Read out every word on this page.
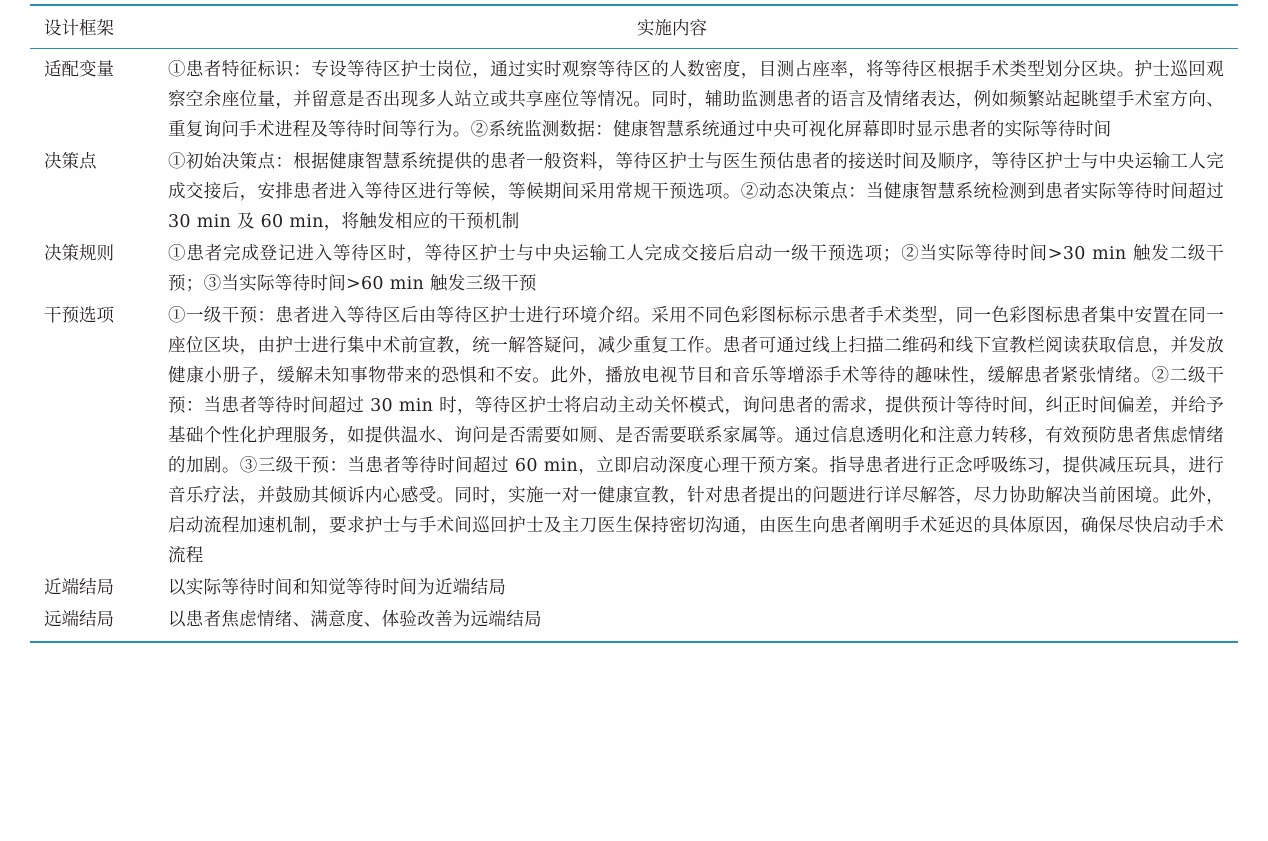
设计框架	实施内容
适配变量	①患者特征标识：专设等待区护士岗位，通过实时观察等待区的人数密度，目测占座率，将等待区根据手术类型划分区块。护士巡回观察空余座位量，并留意是否出现多人站立或共享座位等情况。同时，辅助监测患者的语言及情绪表达，例如频繁站起眺望手术室方向、重复询问手术进程及等待时间等行为。②系统监测数据：健康智慧系统通过中央可视化屏幕即时显示患者的实际等待时间
决策点	①初始决策点：根据健康智慧系统提供的患者一般资料，等待区护士与医生预估患者的接送时间及顺序，等待区护士与中央运输工人完成交接后，安排患者进入等待区进行等候，等候期间采用常规干预选项。②动态决策点：当健康智慧系统检测到患者实际等待时间超过 30 min 及 60 min，将触发相应的干预机制
决策规则	①患者完成登记进入等待区时，等待区护士与中央运输工人完成交接后启动一级干预选项；②当实际等待时间>30 min 触发二级干预；③当实际等待时间>60 min 触发三级干预
干预选项	①一级干预：患者进入等待区后由等待区护士进行环境介绍。采用不同色彩图标标示患者手术类型，同一色彩图标患者集中安置在同一座位区块，由护士进行集中术前宣教，统一解答疑问，减少重复工作。患者可通过线上扫描二维码和线下宣教栏阅读获取信息，并发放健康小册子，缓解未知事物带来的恐惧和不安。此外，播放电视节目和音乐等增添手术等待的趣味性，缓解患者紧张情绪。②二级干预：当患者等待时间超过 30 min 时，等待区护士将启动主动关怀模式，询问患者的需求，提供预计等待时间，纠正时间偏差，并给予基础个性化护理服务，如提供温水、询问是否需要如厕、是否需要联系家属等。通过信息透明化和注意力转移，有效预防患者焦虑情绪的加剧。③三级干预：当患者等待时间超过 60 min，立即启动深度心理干预方案。指导患者进行正念呼吸练习，提供减压玩具，进行音乐疗法，并鼓励其倾诉内心感受。同时，实施一对一健康宣教，针对患者提出的问题进行详尽解答，尽力协助解决当前困境。此外，启动流程加速机制，要求护士与手术间巡回护士及主刀医生保持密切沟通，由医生向患者阐明手术延迟的具体原因，确保尽快启动手术流程
近端结局	以实际等待时间和知觉等待时间为近端结局
远端结局	以患者焦虑情绪、满意度、体验改善为远端结局
